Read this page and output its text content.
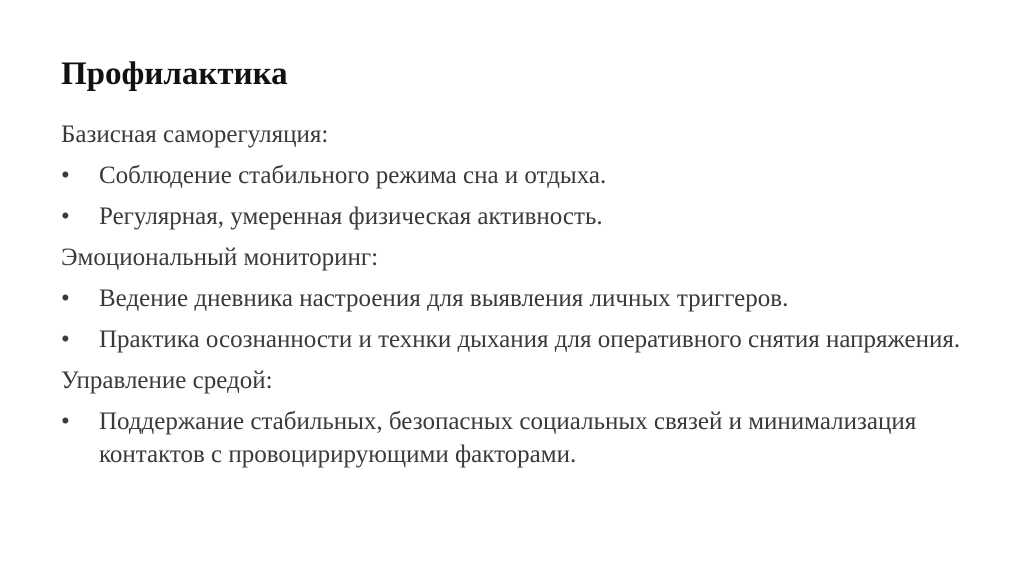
Профилактика
Базисная саморегуляция:
• Соблюдение стабильного режима сна и отдыха.
• Регулярная, умеренная физическая активность.
Эмоциональный мониторинг:
• Ведение дневника настроения для выявления личных триггеров.
• Практика осознанности и технки дыхания для оперативного снятия напряжения.
Управление средой:
• Поддержание стабильных, безопасных социальных связей и минимализация контактов с провоцирирующими факторами.
